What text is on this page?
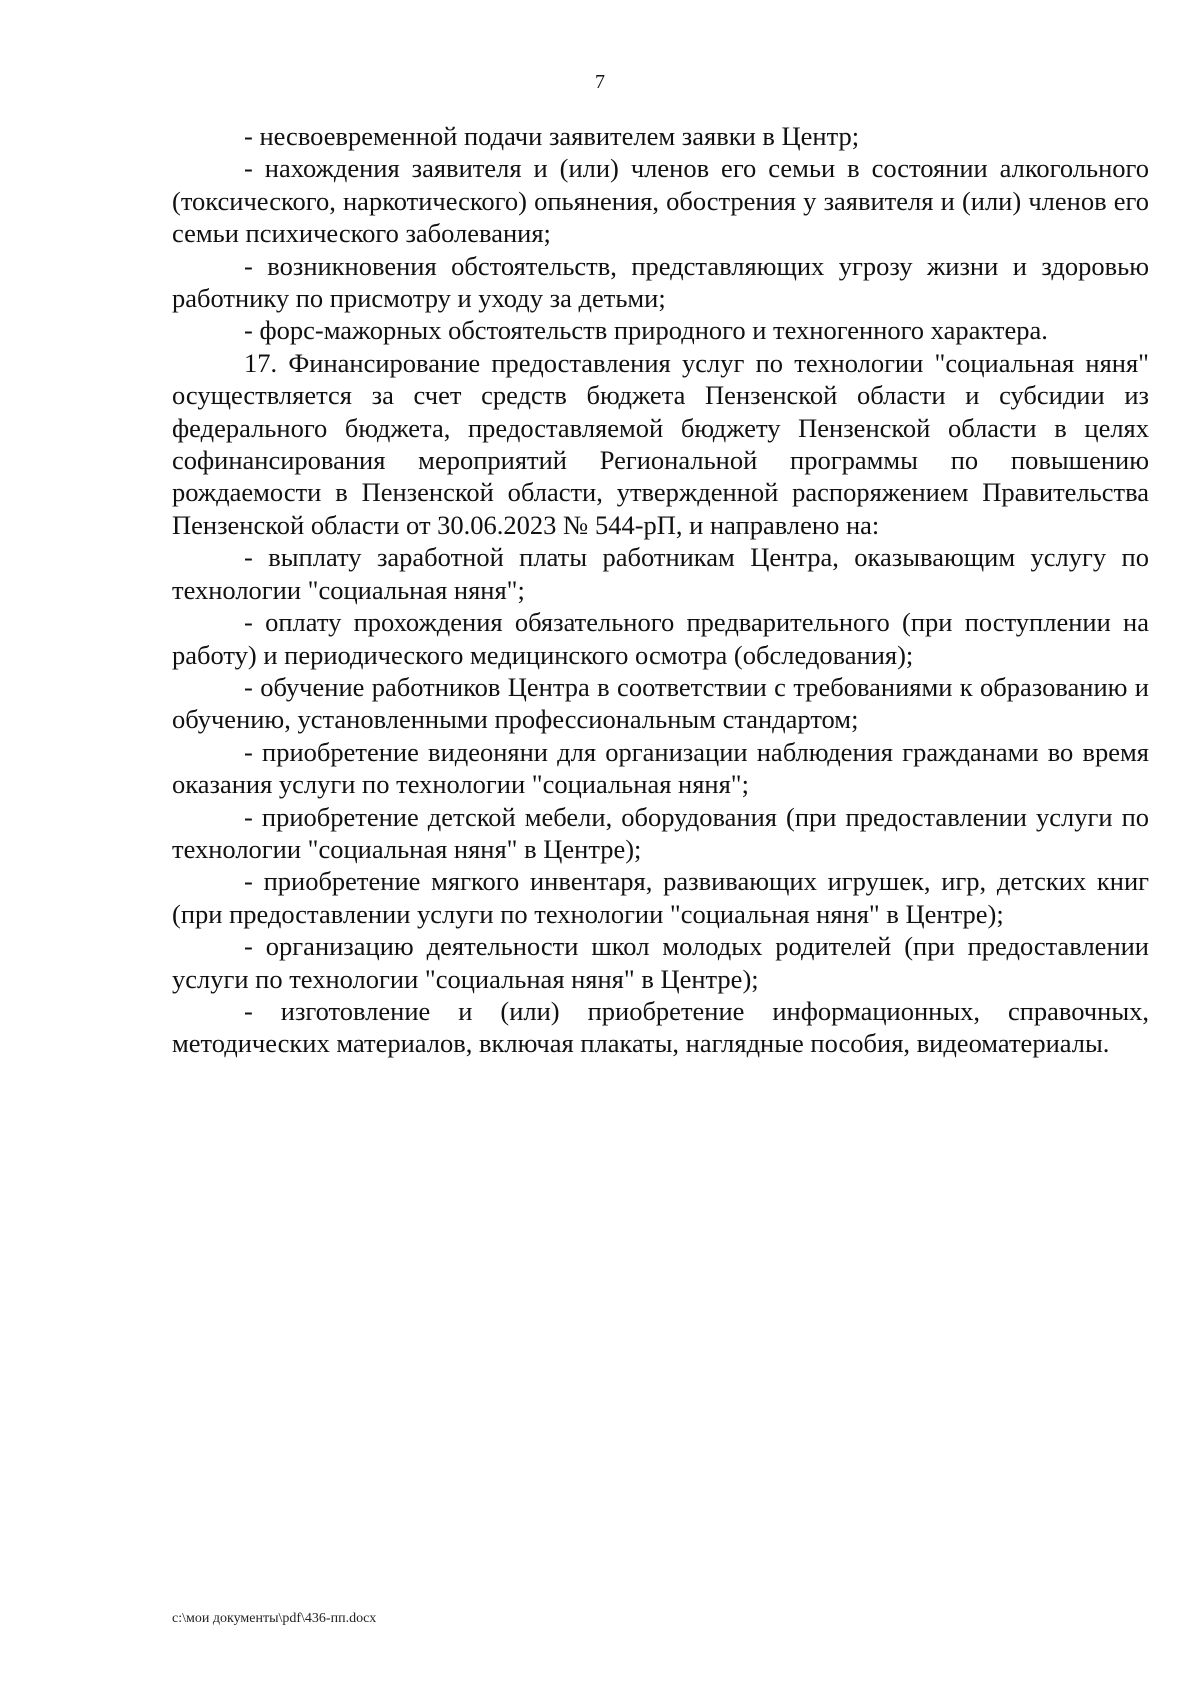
7

- несвоевременной подачи заявителем заявки в Центр;

- нахождения заявителя и (или) членов его семьи в состоянии алкогольного (токсического, наркотического) опьянения, обострения у заявителя и (или) членов его семьи психического заболевания;

- возникновения обстоятельств, представляющих угрозу жизни и здоровью работнику по присмотру и уходу за детьми;

- форс-мажорных обстоятельств природного и техногенного характера.

17. Финансирование предоставления услуг по технологии "социальная няня" осуществляется за счет средств бюджета Пензенской области и субсидии из федерального бюджета, предоставляемой бюджету Пензенской области в целях софинансирования мероприятий Региональной программы по повышению рождаемости в Пензенской области, утвержденной распоряжением Правительства Пензенской области от 30.06.2023 № 544-рП, и направлено на:

- выплату заработной платы работникам Центра, оказывающим услугу по технологии "социальная няня";

- оплату прохождения обязательного предварительного (при поступлении на работу) и периодического медицинского осмотра (обследования);

- обучение работников Центра в соответствии с требованиями к образованию и обучению, установленными профессиональным стандартом;

- приобретение видеоняни для организации наблюдения гражданами во время оказания услуги по технологии "социальная няня";

- приобретение детской мебели, оборудования (при предоставлении услуги по технологии "социальная няня" в Центре);

- приобретение мягкого инвентаря, развивающих игрушек, игр, детских книг (при предоставлении услуги по технологии "социальная няня" в Центре);

- организацию деятельности школ молодых родителей (при предоставлении услуги по технологии "социальная няня" в Центре);

- изготовление и (или) приобретение информационных, справочных, методических материалов, включая плакаты, наглядные пособия, видеоматериалы.

c:\мои документы\pdf\436-пп.docx
